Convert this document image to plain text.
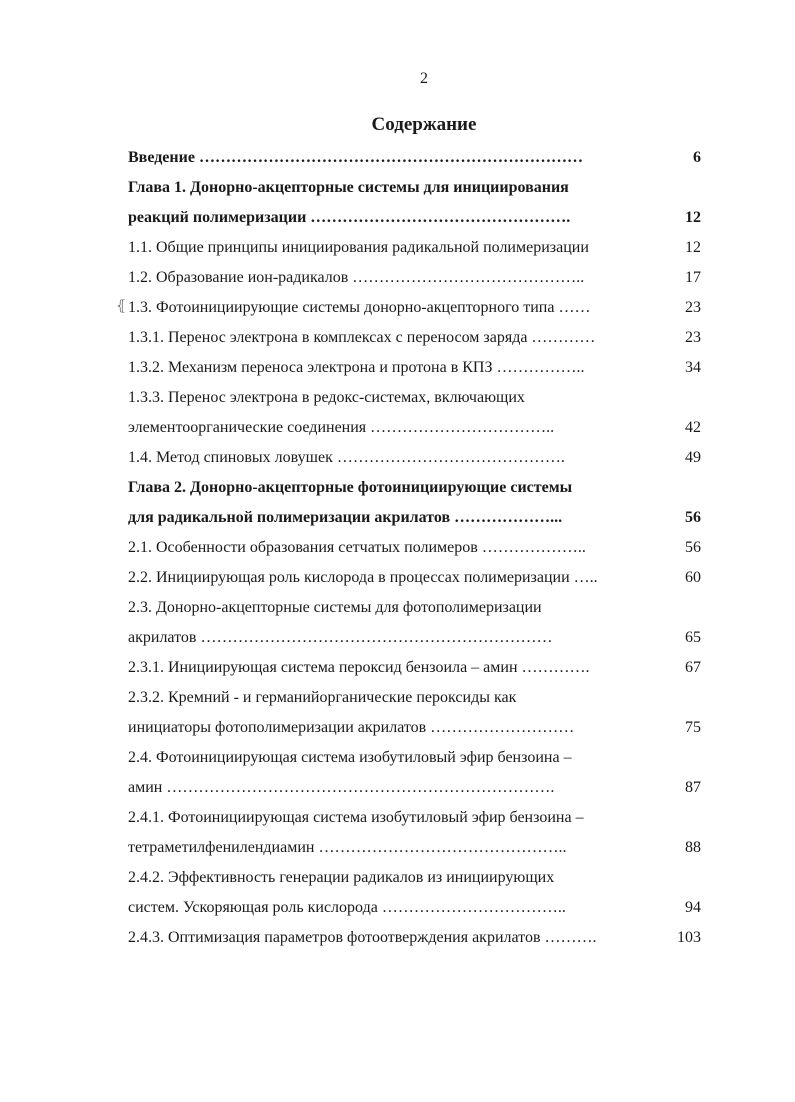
2
Содержание
Введение ………………………………………………………………	6
Глава 1. Донорно-акцепторные системы для инициирования
реакций полимеризации ………………………………………….	12
1.1. Общие принципы инициирования радикальной полимеризации	12
1.2. Образование ион-радикалов ……………………………………..	17
1.3. Фотоинициирующие системы донорно-акцепторного типа ……	23
1.3.1. Перенос электрона в комплексах с переносом заряда …………	23
1.3.2. Механизм переноса электрона и протона в КПЗ ……………..	34
1.3.3. Перенос электрона в редокс-системах, включающих
элементоорганические соединения ……………………………..	42
1.4. Метод спиновых ловушек …………………………………….	49
Глава 2. Донорно-акцепторные фотоинициирующие системы
для радикальной полимеризации акрилатов ………………...	56
2.1. Особенности образования сетчатых полимеров ………………..	56
2.2. Инициирующая роль кислорода в процессах полимеризации …..	60
2.3. Донорно-акцепторные системы для фотополимеризации
акрилатов …………………………………………………………	65
2.3.1. Инициирующая система пероксид бензоила – амин ………….	67
2.3.2. Кремний - и германийорганические пероксиды как
инициаторы фотополимеризации акрилатов ………………………	75
2.4. Фотоинициирующая система изобутиловый эфир бензоина –
амин ……………………………………………………………….	87
2.4.1. Фотоинициирующая система изобутиловый эфир бензоина –
тетраметилфенилендиамин ………………………………………..	88
2.4.2. Эффективность генерации радикалов из инициирующих
систем. Ускоряющая роль кислорода ……………………………..	94
2.4.3. Оптимизация параметров фотоотверждения акрилатов ……….	103
⦃
